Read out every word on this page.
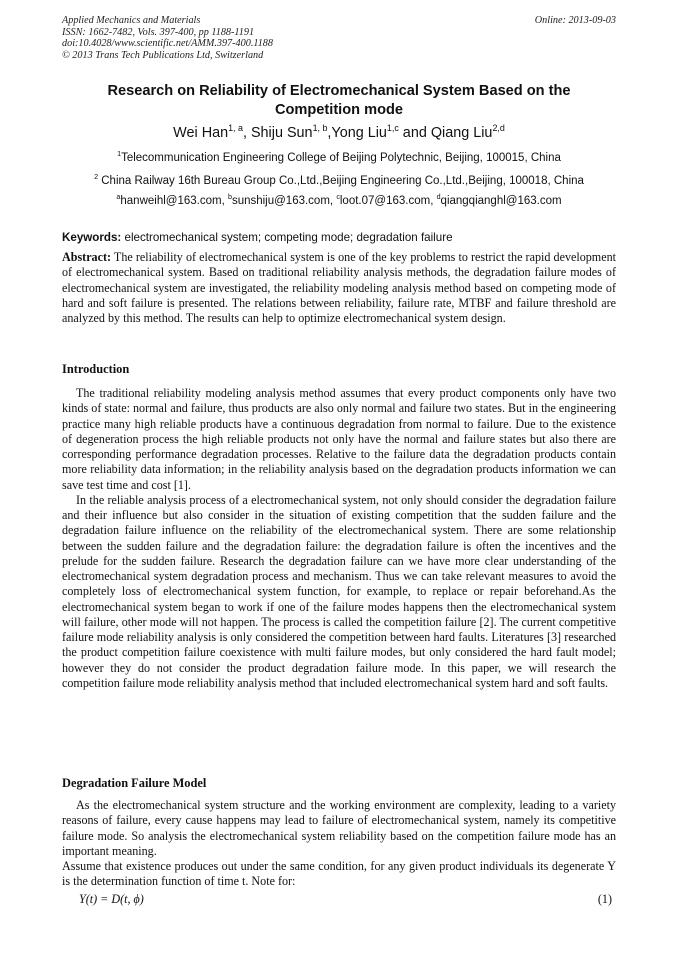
Applied Mechanics and Materials
ISSN: 1662-7482, Vols. 397-400, pp 1188-1191
doi:10.4028/www.scientific.net/AMM.397-400.1188
© 2013 Trans Tech Publications Ltd, Switzerland
Online: 2013-09-03
Research on Reliability of Electromechanical System Based on the
Competition mode
Wei Han$^{1, a}$, Shiju Sun$^{1, b}$,Yong Liu$^{1,c}$ and Qiang Liu$^{2,d}$
$^1$Telecommunication Engineering College of Beijing Polytechnic, Beijing, 100015, China
$^2$ China Railway 16th Bureau Group Co.,Ltd.,Beijing Engineering Co.,Ltd.,Beijing, 100018, China
$^a$hanweihl@163.com, $^b$sunshiju@163.com, $^c$loot.07@163.com, $^d$qiangqianghl@163.com
Keywords: electromechanical system; competing mode; degradation failure

Abstract: The reliability of electromechanical system is one of the key problems to restrict the rapid development of electromechanical system. Based on traditional reliability analysis methods, the degradation failure modes of electromechanical system are investigated, the reliability modeling analysis method based on competing mode of hard and soft failure is presented. The relations between reliability, failure rate, MTBF and failure threshold are analyzed by this method. The results can help to optimize electromechanical system design.

Introduction

The traditional reliability modeling analysis method assumes that every product components only have two kinds of state: normal and failure, thus products are also only normal and failure two states. But in the engineering practice many high reliable products have a continuous degradation from normal to failure. Due to the existence of degeneration process the high reliable products not only have the normal and failure states but also there are corresponding performance degradation processes. Relative to the failure data the degradation products contain more reliability data information; in the reliability analysis based on the degradation products information we can save test time and cost [1].

In the reliable analysis process of a electromechanical system, not only should consider the degradation failure and their influence but also consider in the situation of existing competition that the sudden failure and the degradation failure influence on the reliability of the electromechanical system. There are some relationship between the sudden failure and the degradation failure: the degradation failure is often the incentives and the prelude for the sudden failure. Research the degradation failure can we have more clear understanding of the electromechanical system degradation process and mechanism. Thus we can take relevant measures to avoid the completely loss of electromechanical system function, for example, to replace or repair beforehand.As the electromechanical system began to work if one of the failure modes happens then the electromechanical system will failure, other mode will not happen. The process is called the competition failure [2]. The current competitive failure mode reliability analysis is only considered the competition between hard faults. Literatures [3] researched the product competition failure coexistence with multi failure modes, but only considered the hard fault model; however they do not consider the product degradation failure mode. In this paper, we will research the competition failure mode reliability analysis method that included electromechanical system hard and soft faults.

Degradation Failure Model

As the electromechanical system structure and the working environment are complexity, leading to a variety reasons of failure, every cause happens may lead to failure of electromechanical system, namely its competitive failure mode. So analysis the electromechanical system reliability based on the competition failure mode has an important meaning.

Assume that existence produces out under the same condition, for any given product individuals its degenerate Y is the determination function of time t. Note for:

Y(t) = D(t, ϕ)	(1)
